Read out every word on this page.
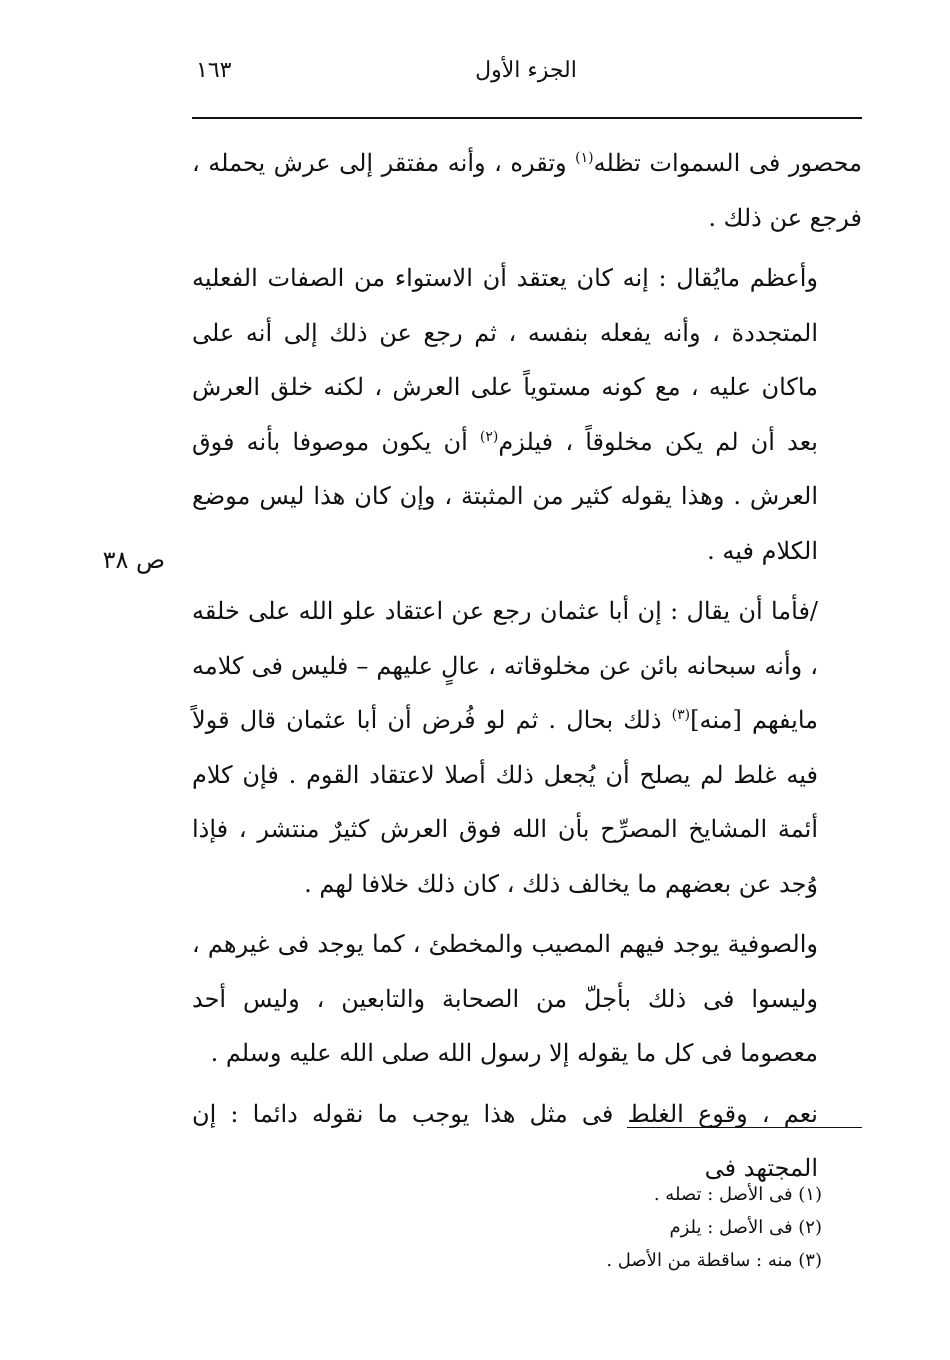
الجزء الأول
١٦٣
ص ٣٨

محصور فى السموات تظله$^{(١)}$ وتقره ، وأنه مفتقر إلى عرش يحمله ، فرجع عن ذلك .

وأعظم مايُقال : إنه كان يعتقد أن الاستواء من الصفات الفعليه المتجددة ، وأنه يفعله بنفسه ، ثم رجع عن ذلك إلى أنه على ماكان عليه ، مع كونه مستوياً على العرش ، لكنه خلق العرش بعد أن لم يكن مخلوقاً ، فيلزم$^{(٢)}$ أن يكون موصوفا بأنه فوق العرش . وهذا يقوله كثير من المثبتة ، وإن كان هذا ليس موضع الكلام فيه .

/فأما أن يقال : إن أبا عثمان رجع عن اعتقاد علو الله على خلقه ، وأنه سبحانه بائن عن مخلوقاته ، عالٍ عليهم – فليس فى كلامه مايفهم [منه]$^{(٣)}$ ذلك بحال . ثم لو فُرض أن أبا عثمان قال قولاً فيه غلط لم يصلح أن يُجعل ذلك أصلا لاعتقاد القوم . فإن كلام أئمة المشايخ المصرِّح بأن الله فوق العرش كثيرٌ منتشر ، فإذا وُجد عن بعضهم ما يخالف ذلك ، كان ذلك خلافا لهم .

والصوفية يوجد فيهم المصيب والمخطئ ، كما يوجد فى غيرهم ، وليسوا فى ذلك بأجلّ من الصحابة والتابعين ، وليس أحد معصوما فى كل ما يقوله إلا رسول الله صلى الله عليه وسلم .

نعم ، وقوع الغلط فى مثل هذا يوجب ما نقوله دائما : إن المجتهد فى

(١) فى الأصل : تصله .

(٢) فى الأصل : يلزم

(٣) منه : ساقطة من الأصل .
